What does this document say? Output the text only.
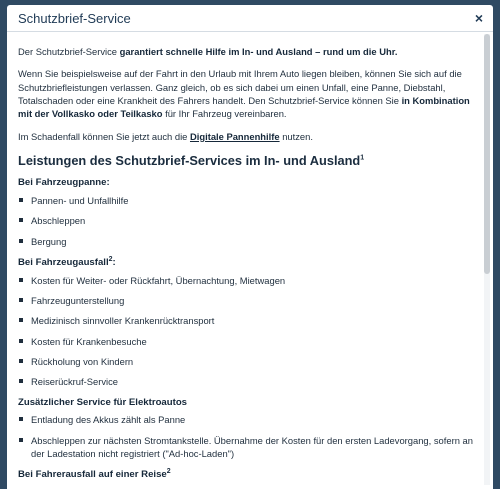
Schutzbrief-Service	×

Der Schutzbrief-Service garantiert schnelle Hilfe im In- und Ausland – rund um die Uhr.

Wenn Sie beispielsweise auf der Fahrt in den Urlaub mit Ihrem Auto liegen bleiben, können Sie sich auf die Schutzbriefleistungen verlassen. Ganz gleich, ob es sich dabei um einen Unfall, eine Panne, Diebstahl, Totalschaden oder eine Krankheit des Fahrers handelt. Den Schutzbrief-Service können Sie in Kombination mit der Vollkasko oder Teilkasko für Ihr Fahrzeug vereinbaren.

Im Schadenfall können Sie jetzt auch die Digitale Pannenhilfe nutzen.

Leistungen des Schutzbrief-Services im In- und Ausland$^1$
Bei Fahrzeugpanne:
Pannen- und Unfallhilfe
Abschleppen
Bergung
Bei Fahrzeugausfall$^2$:
Kosten für Weiter- oder Rückfahrt, Übernachtung, Mietwagen
Fahrzeugunterstellung
Medizinisch sinnvoller Krankenrücktransport
Kosten für Krankenbesuche
Rückholung von Kindern
Reiserückruf-Service
Zusätzlicher Service für Elektroautos
Entladung des Akkus zählt als Panne
Abschleppen zur nächsten Stromtankstelle. Übernahme der Kosten für den ersten Ladevorgang, sofern an der Ladestation nicht registriert ("Ad-hoc-Laden")
Bei Fahrerausfall auf einer Reise$^2$
